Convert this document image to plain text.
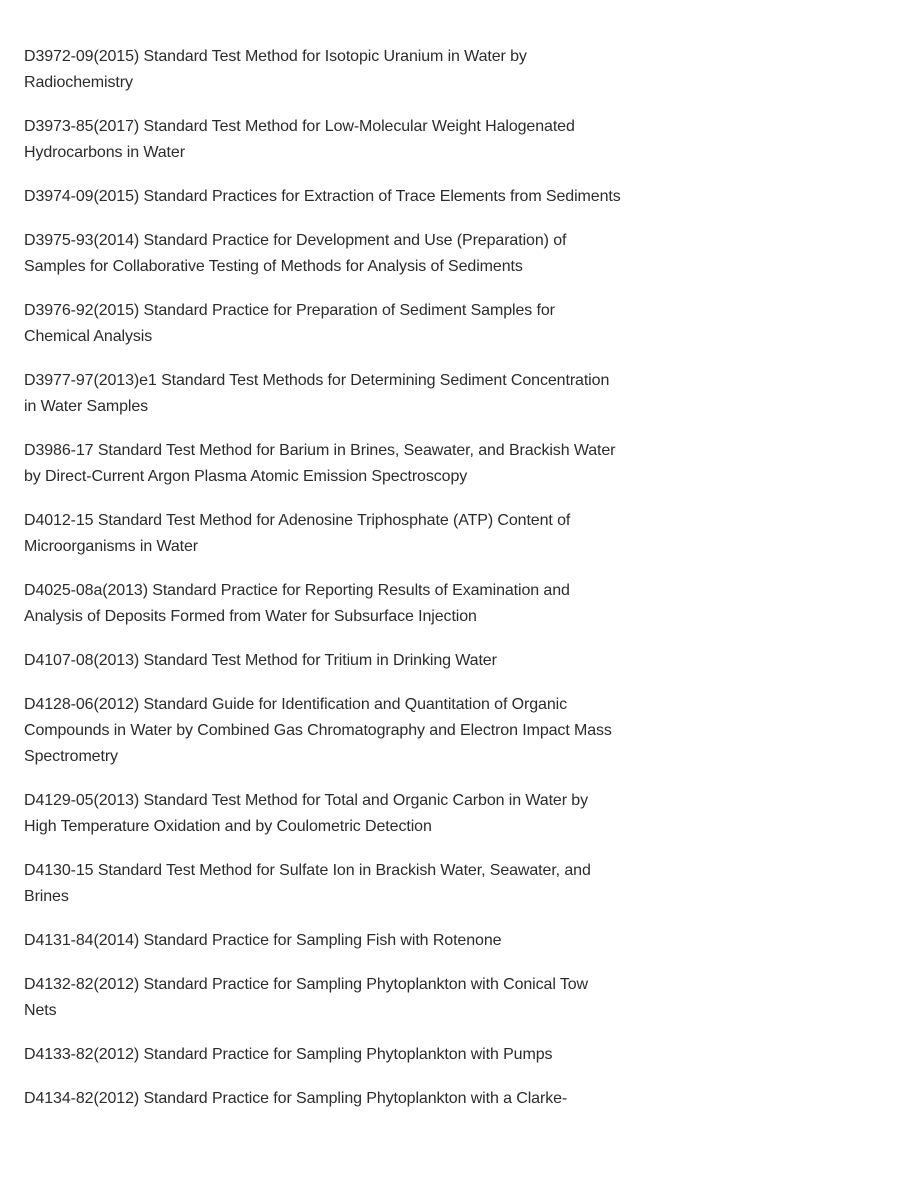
D3972-09(2015) Standard Test Method for Isotopic Uranium in Water by Radiochemistry

D3973-85(2017) Standard Test Method for Low-Molecular Weight Halogenated Hydrocarbons in Water

D3974-09(2015) Standard Practices for Extraction of Trace Elements from Sediments

D3975-93(2014) Standard Practice for Development and Use (Preparation) of Samples for Collaborative Testing of Methods for Analysis of Sediments

D3976-92(2015) Standard Practice for Preparation of Sediment Samples for Chemical Analysis

D3977-97(2013)e1 Standard Test Methods for Determining Sediment Concentration in Water Samples

D3986-17 Standard Test Method for Barium in Brines, Seawater, and Brackish Water by Direct-Current Argon Plasma Atomic Emission Spectroscopy

D4012-15 Standard Test Method for Adenosine Triphosphate (ATP) Content of Microorganisms in Water

D4025-08a(2013) Standard Practice for Reporting Results of Examination and Analysis of Deposits Formed from Water for Subsurface Injection

D4107-08(2013) Standard Test Method for Tritium in Drinking Water

D4128-06(2012) Standard Guide for Identification and Quantitation of Organic Compounds in Water by Combined Gas Chromatography and Electron Impact Mass Spectrometry

D4129-05(2013) Standard Test Method for Total and Organic Carbon in Water by High Temperature Oxidation and by Coulometric Detection

D4130-15 Standard Test Method for Sulfate Ion in Brackish Water, Seawater, and Brines

D4131-84(2014) Standard Practice for Sampling Fish with Rotenone

D4132-82(2012) Standard Practice for Sampling Phytoplankton with Conical Tow Nets

D4133-82(2012) Standard Practice for Sampling Phytoplankton with Pumps

D4134-82(2012) Standard Practice for Sampling Phytoplankton with a Clarke-
